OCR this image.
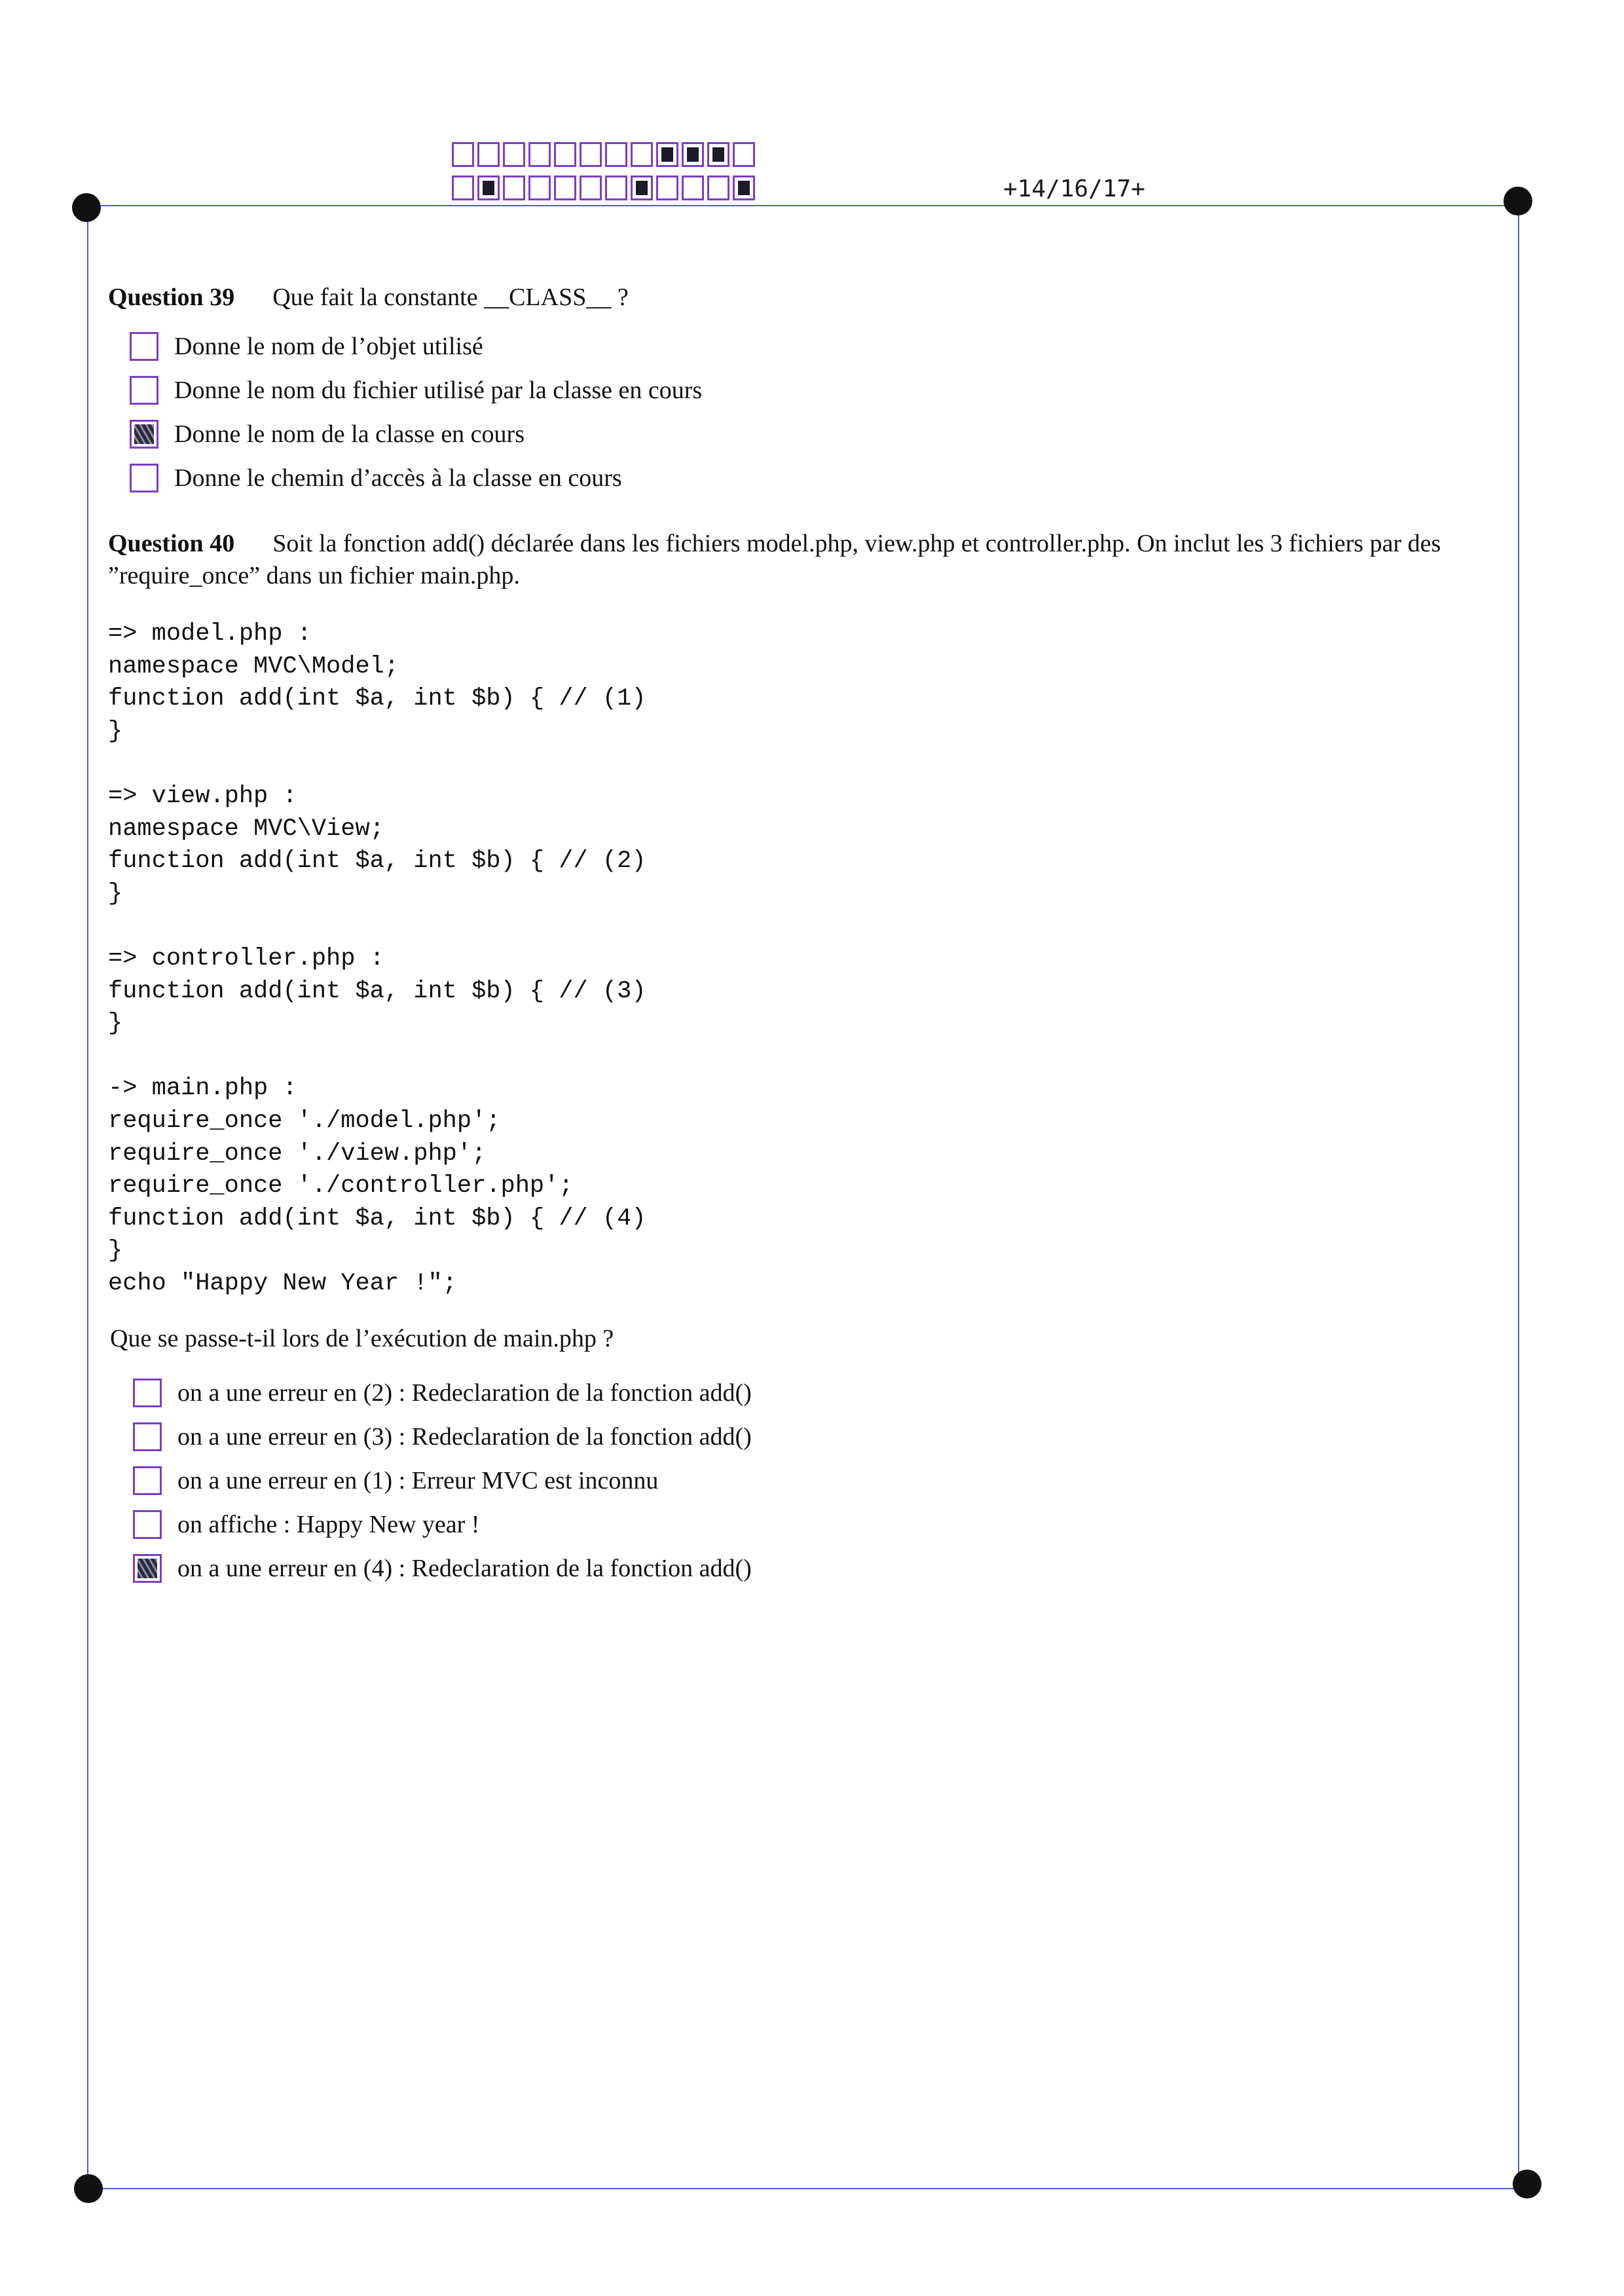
+14/16/17+
Question 39 Que fait la constante __CLASS__ ?
Donne le nom de l’objet utilisé
Donne le nom du fichier utilisé par la classe en cours
Donne le nom de la classe en cours
Donne le chemin d’accès à la classe en cours
Question 40 Soit la fonction add() déclarée dans les fichiers model.php, view.php et controller.php. On inclut les 3 fichiers par des ”require_once” dans un fichier main.php.
=> model.php :
namespace MVC\Model;
function add(int $a, int $b) { // (1)
}

=> view.php :
namespace MVC\View;
function add(int $a, int $b) { // (2)
}

=> controller.php :
function add(int $a, int $b) { // (3)
}

-> main.php :
require_once './model.php';
require_once './view.php';
require_once './controller.php';
function add(int $a, int $b) { // (4)
}
echo "Happy New Year !";
Que se passe-t-il lors de l’exécution de main.php ?
on a une erreur en (2) : Redeclaration de la fonction add()
on a une erreur en (3) : Redeclaration de la fonction add()
on a une erreur en (1) : Erreur MVC est inconnu
on affiche : Happy New year !
on a une erreur en (4) : Redeclaration de la fonction add()
